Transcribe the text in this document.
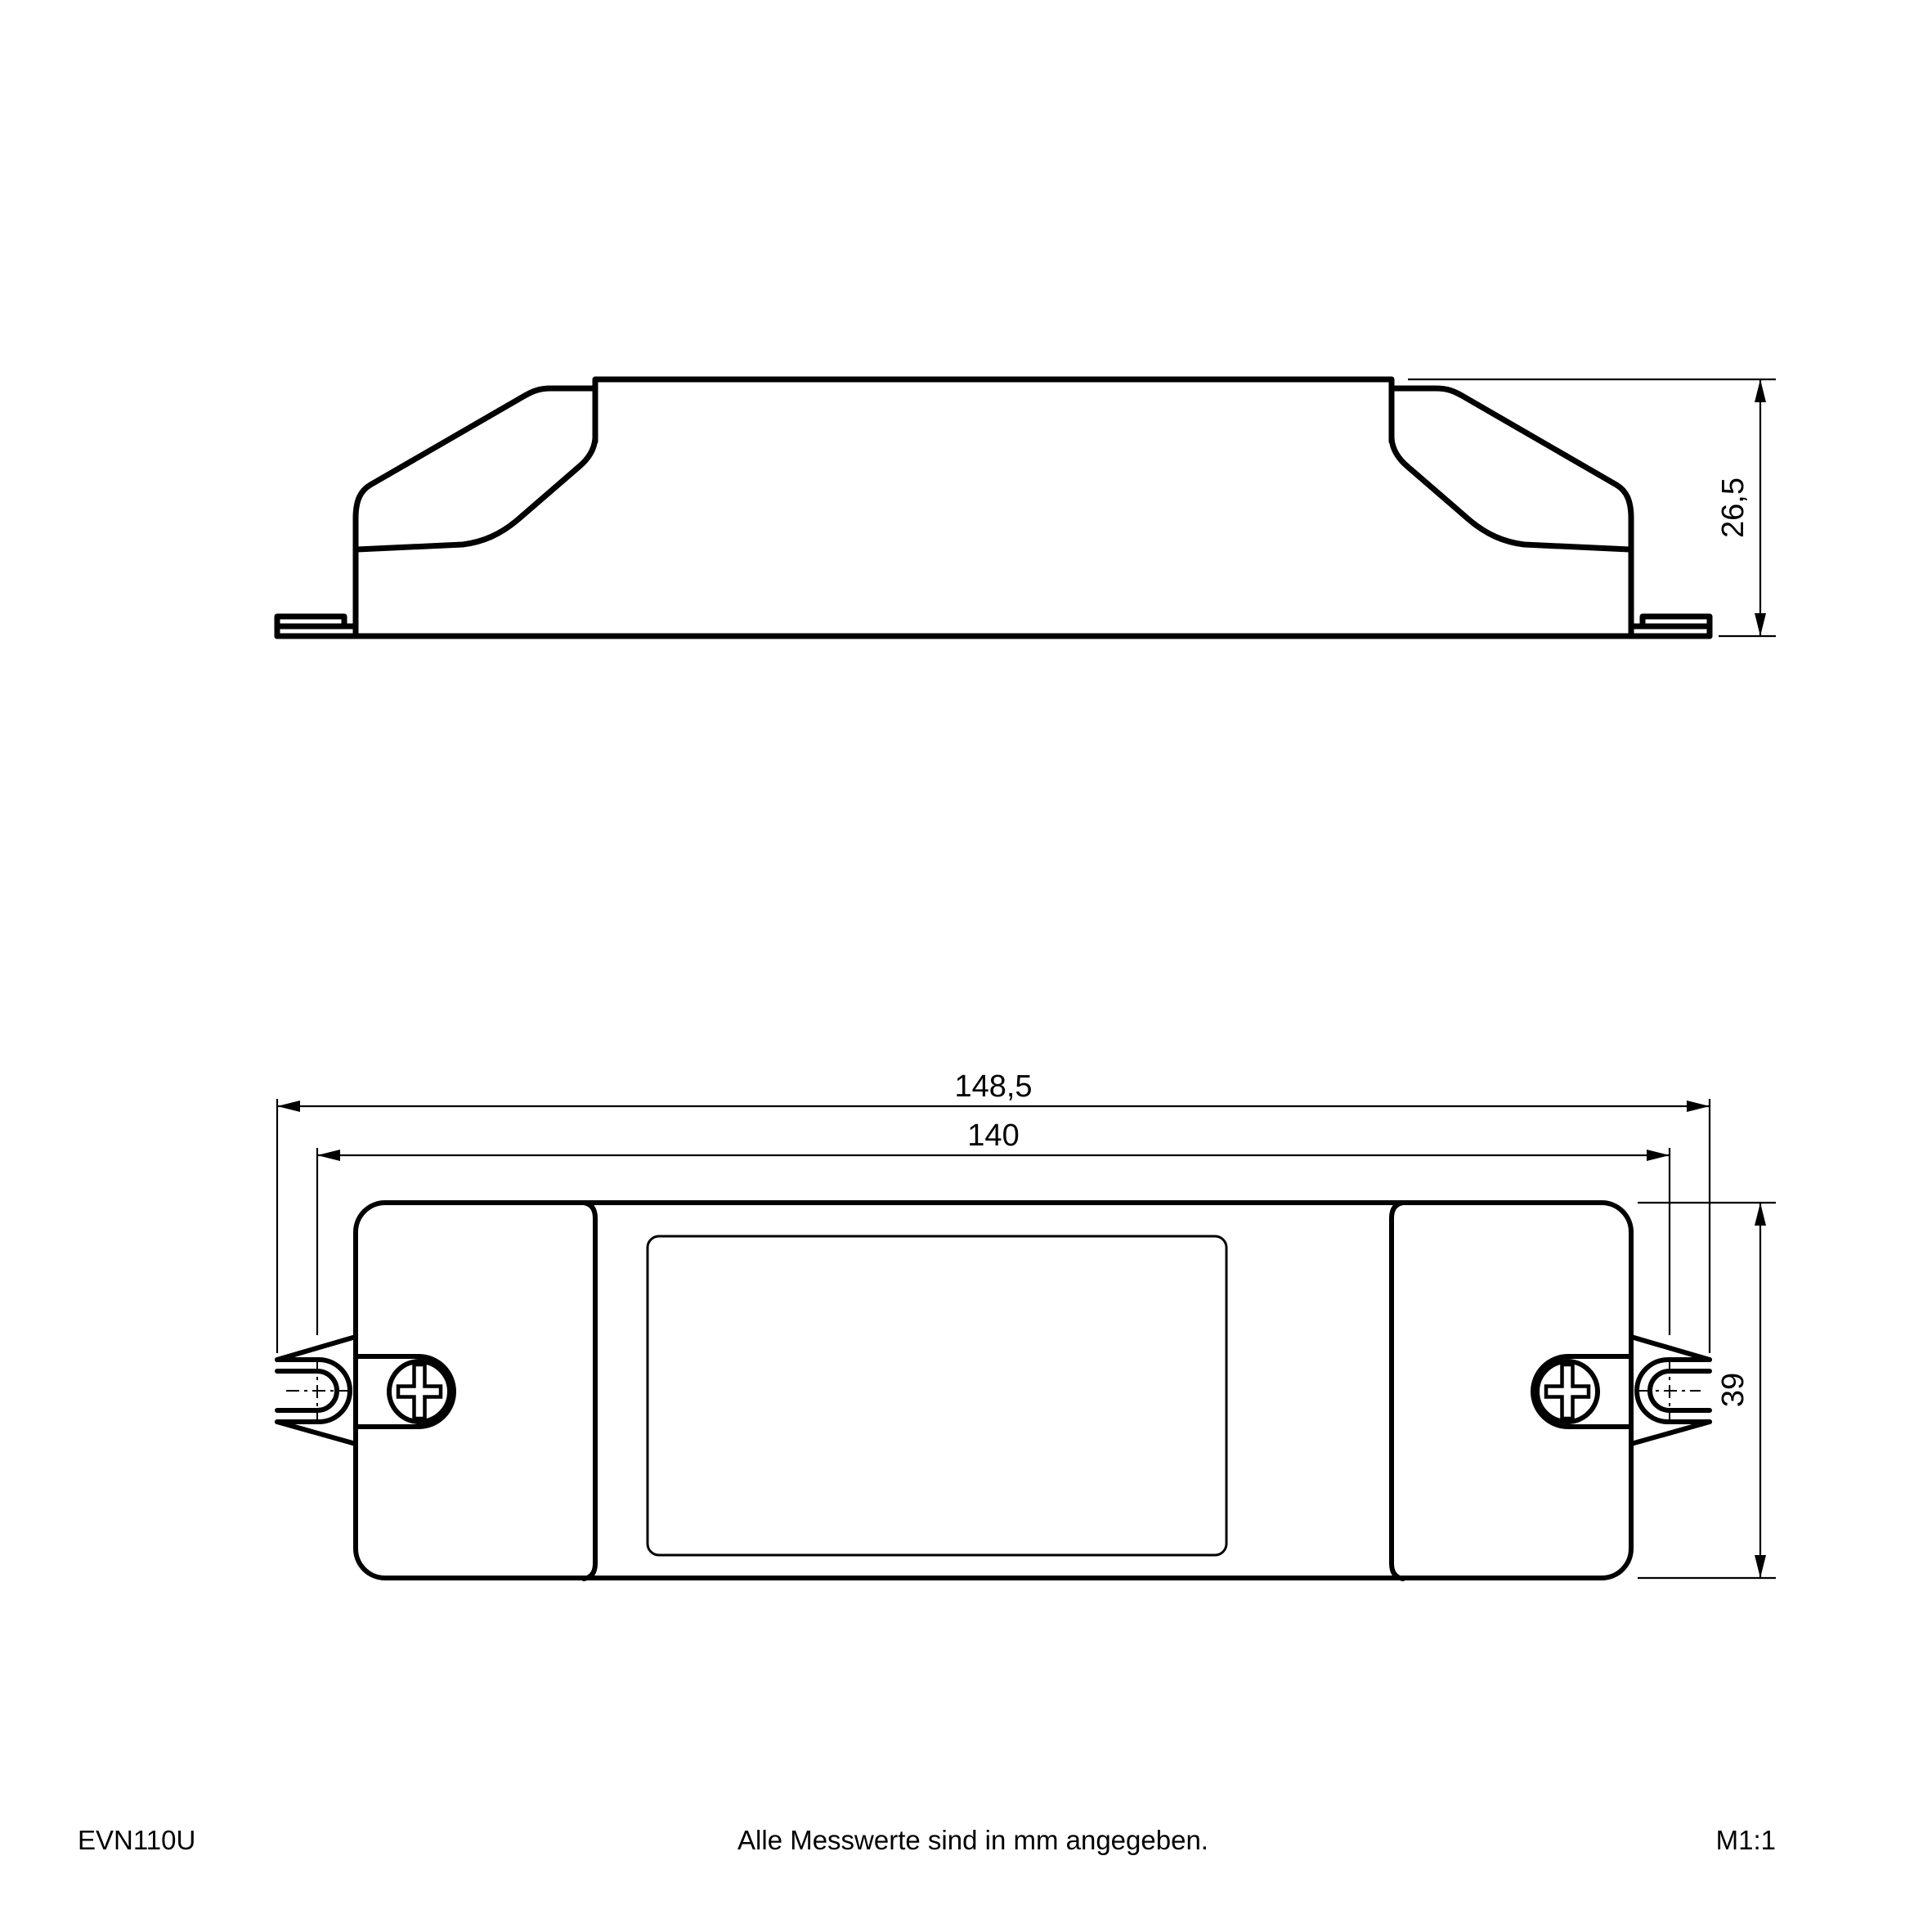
26,5
148,5
140
39
EVN110U	Alle Messwerte sind in mm angegeben.	M1:1
